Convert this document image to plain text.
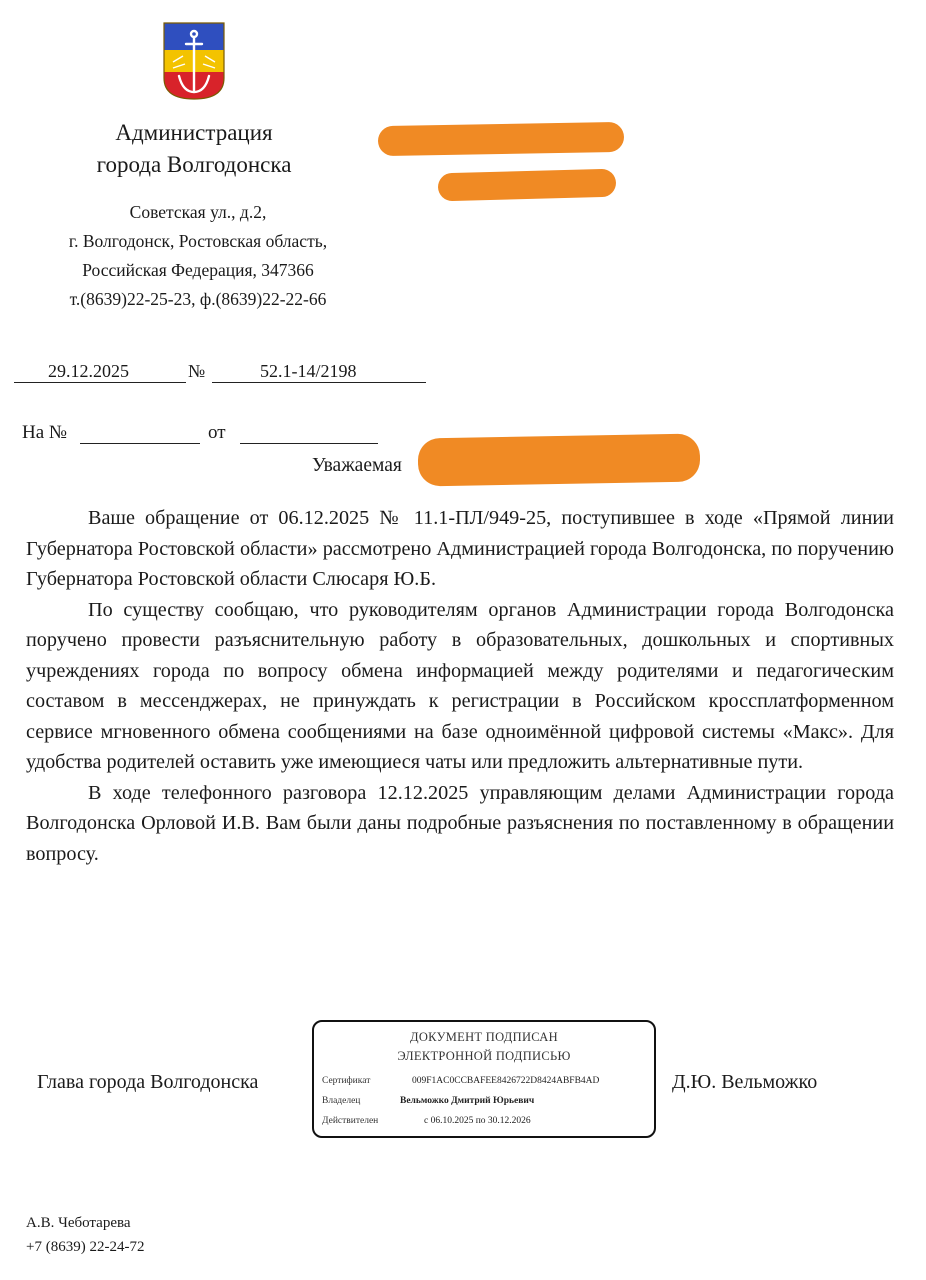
Администрация
города Волгодонска
Советская ул., д.2,
г. Волгодонск, Ростовская область,
Российская Федерация, 347366
т.(8639)22-25-23, ф.(8639)22-22-66
29.12.2025	№	52.1-14/2198
На №	от
Уважаемая

Ваше обращение от 06.12.2025 № 11.1-ПЛ/949-25, поступившее в ходе «Прямой линии Губернатора Ростовской области» рассмотрено Администрацией города Волгодонска, по поручению Губернатора Ростовской области Слюсаря Ю.Б.

По существу сообщаю, что руководителям органов Администрации города Волгодонска поручено провести разъяснительную работу в образовательных, дошкольных и спортивных учреждениях города по вопросу обмена информацией между родителями и педагогическим составом в мессенджерах, не принуждать к регистрации в Российском кроссплатформенном сервисе мгновенного обмена сообщениями на базе одноимённой цифровой системы «Макс». Для удобства родителей оставить уже имеющиеся чаты или предложить альтернативные пути.

В ходе телефонного разговора 12.12.2025 управляющим делами Администрации города Волгодонска Орловой И.В. Вам были даны подробные разъяснения по поставленному в обращении вопросу.

Глава города Волгодонска
ДОКУМЕНТ ПОДПИСАН
ЭЛЕКТРОННОЙ ПОДПИСЬЮ
Сертификат	009F1AC0CCBAFEE8426722D8424ABFB4AD
Владелец	Вельможко Дмитрий Юрьевич
Действителен	с 06.10.2025 по 30.12.2026
Д.Ю. Вельможко
А.В. Чеботарева
+7 (8639) 22-24-72
